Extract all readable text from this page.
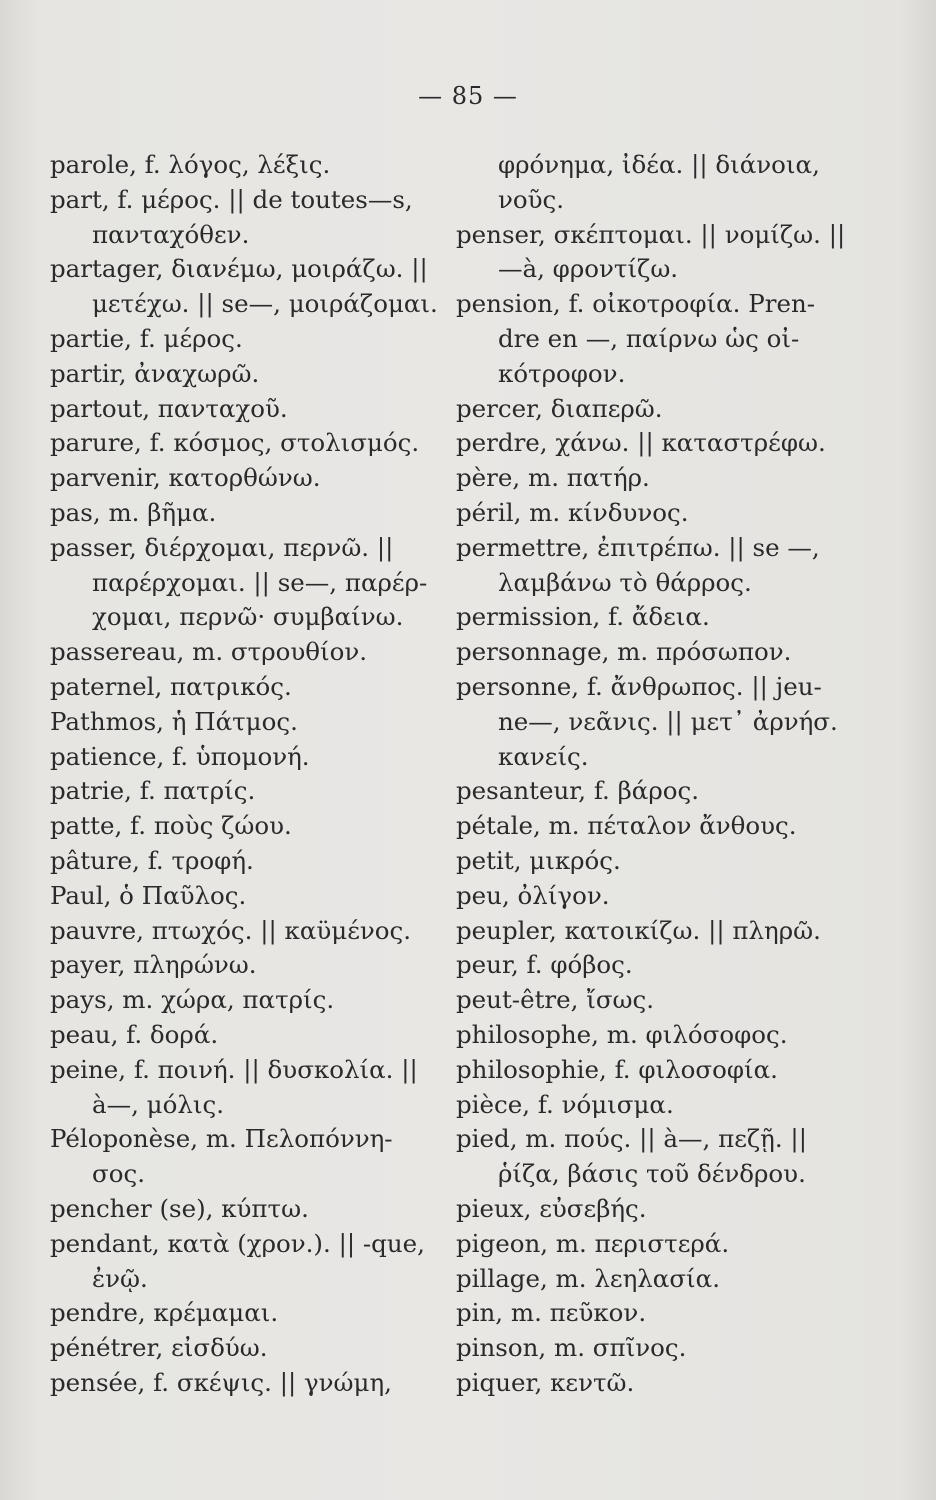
— 85 —
parole, f. λόγος, λέξις.
part, f. μέρος. || de toutes—s,
πανταχόθεν.
partager, διανέμω, μοιράζω. ||
μετέχω. || se—, μοιράζομαι.
partie, f. μέρος.
partir, ἀναχωρῶ.
partout, πανταχοῦ.
parure, f. κόσμος, στολισμός.
parvenir, κατορθώνω.
pas, m. βῆμα.
passer, διέρχομαι, περνῶ. ||
παρέρχομαι. || se—, παρέρ-
χομαι, περνῶ· συμβαίνω.
passereau, m. στρουθίον.
paternel, πατρικός.
Pathmos, ἡ Πάτμος.
patience, f. ὑπομονή.
patrie, f. πατρίς.
patte, f. ποὺς ζώου.
pâture, f. τροφή.
Paul, ὁ Παῦλος.
pauvre, πτωχός. || καϋμένος.
payer, πληρώνω.
pays, m. χώρα, πατρίς.
peau, f. δορά.
peine, f. ποινή. || δυσκολία. ||
à—, μόλις.
Péloponèse, m. Πελοπόννη-
σος.
pencher (se), κύπτω.
pendant, κατὰ (χρον.). || -que,
ἐνῷ.
pendre, κρέμαμαι.
pénétrer, εἰσδύω.
pensée, f. σκέψις. || γνώμη,
φρόνημα, ἰδέα. || διάνοια,
νοῦς.
penser, σκέπτομαι. || νομίζω. ||
—à, φροντίζω.
pension, f. οἰκοτροφία. Pren-
dre en —, παίρνω ὡς οἰ-
κότροφον.
percer, διαπερῶ.
perdre, χάνω. || καταστρέφω.
père, m. πατήρ.
péril, m. κίνδυνος.
permettre, ἐπιτρέπω. || se —,
λαμβάνω τὸ θάρρος.
permission, f. ἄδεια.
personnage, m. πρόσωπον.
personne, f. ἄνθρωπος. || jeu-
ne—, νεᾶνις. || μετ᾽ ἀρνήσ.
κανείς.
pesanteur, f. βάρος.
pétale, m. πέταλον ἄνθους.
petit, μικρός.
peu, ὀλίγον.
peupler, κατοικίζω. || πληρῶ.
peur, f. φόβος.
peut-être, ἴσως.
philosophe, m. φιλόσοφος.
philosophie, f. φιλοσοφία.
pièce, f. νόμισμα.
pied, m. πούς. || à—, πεζῇ. ||
ῥίζα, βάσις τοῦ δένδρου.
pieux, εὐσεβής.
pigeon, m. περιστερά.
pillage, m. λεηλασία.
pin, m. πεῦκον.
pinson, m. σπῖνος.
piquer, κεντῶ.
